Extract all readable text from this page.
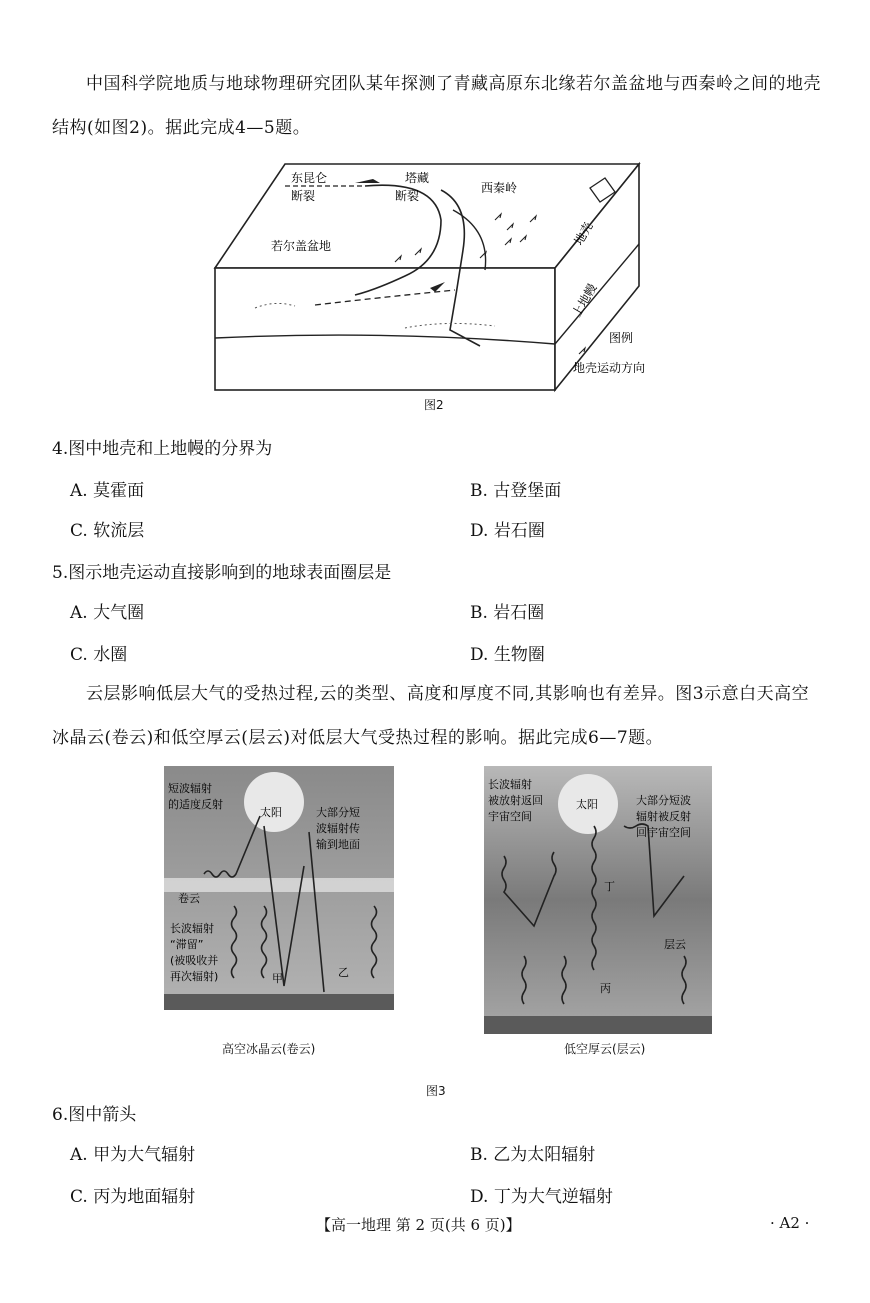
中国科学院地质与地球物理研究团队某年探测了青藏高原东北缘若尔盖盆地与西秦岭之间的地壳结构(如图2)。据此完成4—5题。
东昆仑
断裂
塔藏
断裂
西秦岭
若尔盖盆地	地壳
上地幔
图例
地壳运动方向
图2
4.图中地壳和上地幔的分界为
A. 莫霍面	B. 古登堡面
C. 软流层	D. 岩石圈
5.图示地壳运动直接影响到的地球表面圈层是
A. 大气圈	B. 岩石圈
C. 水圈	D. 生物圈
云层影响低层大气的受热过程,云的类型、高度和厚度不同,其影响也有差异。图3示意白天高空冰晶云(卷云)和低空厚云(层云)对低层大气受热过程的影响。据此完成6—7题。
短波辐射
的适度反射
太阳	大部分短
波辐射传
输到地面
卷云
长波辐射
“滞留”
(被吸收并
再次辐射)	甲	乙
高空冰晶云(卷云)
长波辐射
被放射返回
宇宙空间
太阳	大部分短波
辐射被反射
回宇宙空间
丁
层云
丙
低空厚云(层云)
图3
6.图中箭头
A. 甲为大气辐射	B. 乙为太阳辐射
C. 丙为地面辐射	D. 丁为大气逆辐射
【高一地理 第 2 页(共 6 页)】	· A2 ·
